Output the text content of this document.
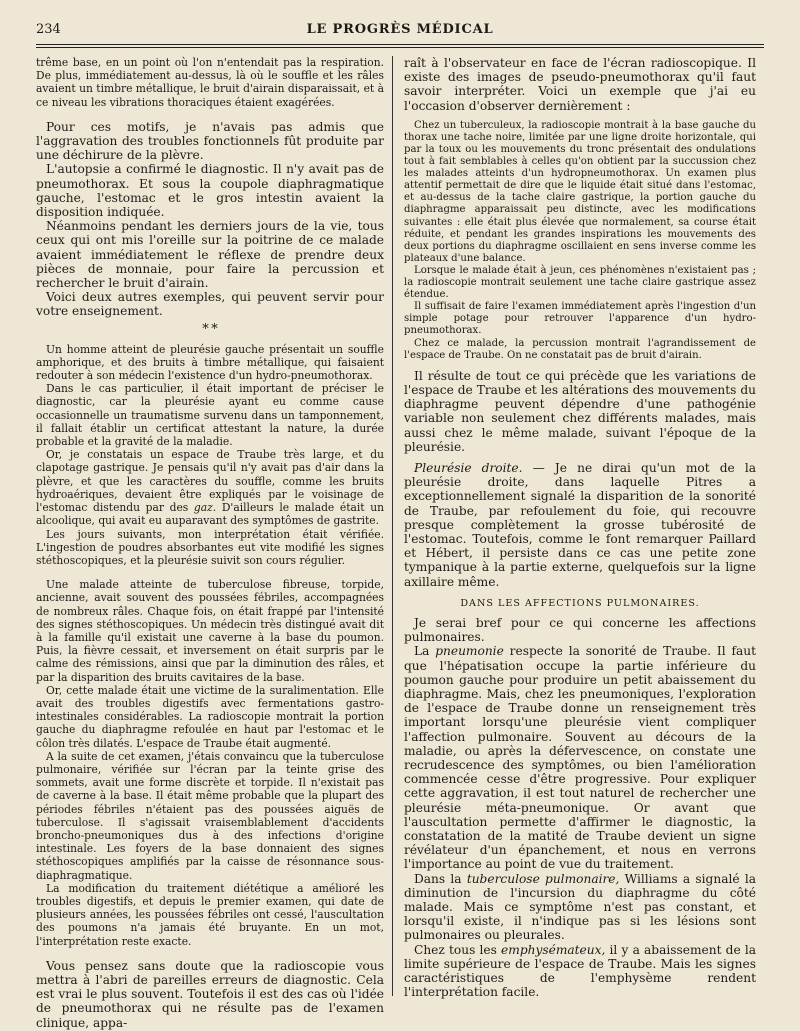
234	LE PROGRÈS MÉDICAL

trême base, en un point où l'on n'entendait pas la respiration. De plus, immédiatement au-dessus, là où le souffle et les râles avaient un timbre métallique, le bruit d'airain disparaissait, et à ce niveau les vibrations thoraciques étaient exagérées.

Pour ces motifs, je n'avais pas admis que l'aggravation des troubles fonctionnels fût produite par une déchirure de la plèvre.

L'autopsie a confirmé le diagnostic. Il n'y avait pas de pneumothorax. Et sous la coupole diaphragmatique gauche, l'estomac et le gros intestin avaient la disposition indiquée.

Néanmoins pendant les derniers jours de la vie, tous ceux qui ont mis l'oreille sur la poitrine de ce malade avaient immédiatement le réflexe de prendre deux pièces de monnaie, pour faire la percussion et rechercher le bruit d'airain.

Voici deux autres exemples, qui peuvent servir pour votre enseignement.

* *

Un homme atteint de pleurésie gauche présentait un souffle amphorique, et des bruits à timbre métallique, qui faisaient redouter à son médecin l'existence d'un hydro-pneumothorax.

Dans le cas particulier, il était important de préciser le diagnostic, car la pleurésie ayant eu comme cause occasionnelle un traumatisme survenu dans un tamponnement, il fallait établir un certificat attestant la nature, la durée probable et la gravité de la maladie.

Or, je constatais un espace de Traube très large, et du clapotage gastrique. Je pensais qu'il n'y avait pas d'air dans la plèvre, et que les caractères du souffle, comme les bruits hydroaériques, devaient être expliqués par le voisinage de l'estomac distendu par des gaz. D'ailleurs le malade était un alcoolique, qui avait eu auparavant des symptômes de gastrite.

Les jours suivants, mon interprétation était vérifiée. L'ingestion de poudres absorbantes eut vite modifié les signes stéthoscopiques, et la pleurésie suivit son cours régulier.

Une malade atteinte de tuberculose fibreuse, torpide, ancienne, avait souvent des poussées fébriles, accompagnées de nombreux râles. Chaque fois, on était frappé par l'intensité des signes stéthoscopiques. Un médecin très distingué avait dit à la famille qu'il existait une caverne à la base du poumon. Puis, la fièvre cessait, et inversement on était surpris par le calme des rémissions, ainsi que par la diminution des râles, et par la disparition des bruits cavitaires de la base.

Or, cette malade était une victime de la suralimentation. Elle avait des troubles digestifs avec fermentations gastro-intestinales considérables. La radioscopie montrait la portion gauche du diaphragme refoulée en haut par l'estomac et le côlon très dilatés. L'espace de Traube était augmenté.

A la suite de cet examen, j'étais convaincu que la tuberculose pulmonaire, vérifiée sur l'écran par la teinte grise des sommets, avait une forme discrète et torpide. Il n'existait pas de caverne à la base. Il était même probable que la plupart des périodes fébriles n'étaient pas des poussées aiguës de tuberculose. Il s'agissait vraisemblablement d'accidents broncho-pneumoniques dus à des infections d'origine intestinale. Les foyers de la base donnaient des signes stéthoscopiques amplifiés par la caisse de résonnance sous-diaphragmatique.

La modification du traitement diététique a amélioré les troubles digestifs, et depuis le premier examen, qui date de plusieurs années, les poussées fébriles ont cessé, l'auscultation des poumons n'a jamais été bruyante. En un mot, l'interprétation reste exacte.

Vous pensez sans doute que la radioscopie vous mettra à l'abri de pareilles erreurs de diagnostic. Cela est vrai le plus souvent. Toutefois il est des cas où l'idée de pneumothorax qui ne résulte pas de l'examen clinique, appa-

raît à l'observateur en face de l'écran radioscopique. Il existe des images de pseudo-pneumothorax qu'il faut savoir interpréter. Voici un exemple que j'ai eu l'occasion d'observer dernièrement :

Chez un tuberculeux, la radioscopie montrait à la base gauche du thorax une tache noire, limitée par une ligne droite horizontale, qui par la toux ou les mouvements du tronc présentait des ondulations tout à fait semblables à celles qu'on obtient par la succussion chez les malades atteints d'un hydropneumothorax. Un examen plus attentif permettait de dire que le liquide était situé dans l'estomac, et au-dessus de la tache claire gastrique, la portion gauche du diaphragme apparaissait peu distincte, avec les modifications suivantes : elle était plus élevée que normalement, sa course était réduite, et pendant les grandes inspirations les mouvements des deux portions du diaphragme oscillaient en sens inverse comme les plateaux d'une balance.

Lorsque le malade était à jeun, ces phénomènes n'existaient pas ; la radioscopie montrait seulement une tache claire gastrique assez étendue.

Il suffisait de faire l'examen immédiatement après l'ingestion d'un simple potage pour retrouver l'apparence d'un hydro-pneumothorax.

Chez ce malade, la percussion montrait l'agrandissement de l'espace de Traube. On ne constatait pas de bruit d'airain.

Il résulte de tout ce qui précède que les variations de l'espace de Traube et les altérations des mouvements du diaphragme peuvent dépendre d'une pathogénie variable non seulement chez différents malades, mais aussi chez le même malade, suivant l'époque de la pleurésie.

Pleurésie droite. — Je ne dirai qu'un mot de la pleurésie droite, dans laquelle Pitres a exceptionnellement signalé la disparition de la sonorité de Traube, par refoulement du foie, qui recouvre presque complètement la grosse tubérosité de l'estomac. Toutefois, comme le font remarquer Paillard et Hébert, il persiste dans ce cas une petite zone tympanique à la partie externe, quelquefois sur la ligne axillaire même.

DANS LES AFFECTIONS PULMONAIRES.

Je serai bref pour ce qui concerne les affections pulmonaires.

La pneumonie respecte la sonorité de Traube. Il faut que l'hépatisation occupe la partie inférieure du poumon gauche pour produire un petit abaissement du diaphragme. Mais, chez les pneumoniques, l'exploration de l'espace de Traube donne un renseignement très important lorsqu'une pleurésie vient compliquer l'affection pulmonaire. Souvent au décours de la maladie, ou après la défervescence, on constate une recrudescence des symptômes, ou bien l'amélioration commencée cesse d'être progressive. Pour expliquer cette aggravation, il est tout naturel de rechercher une pleurésie méta-pneumonique. Or avant que l'auscultation permette d'affirmer le diagnostic, la constatation de la matité de Traube devient un signe révélateur d'un épanchement, et nous en verrons l'importance au point de vue du traitement.

Dans la tuberculose pulmonaire, Williams a signalé la diminution de l'incursion du diaphragme du côté malade. Mais ce symptôme n'est pas constant, et lorsqu'il existe, il n'indique pas si les lésions sont pulmonaires ou pleurales.

Chez tous les emphysémateux, il y a abaissement de la limite supérieure de l'espace de Traube. Mais les signes caractéristiques de l'emphysème rendent l'interprétation facile.
